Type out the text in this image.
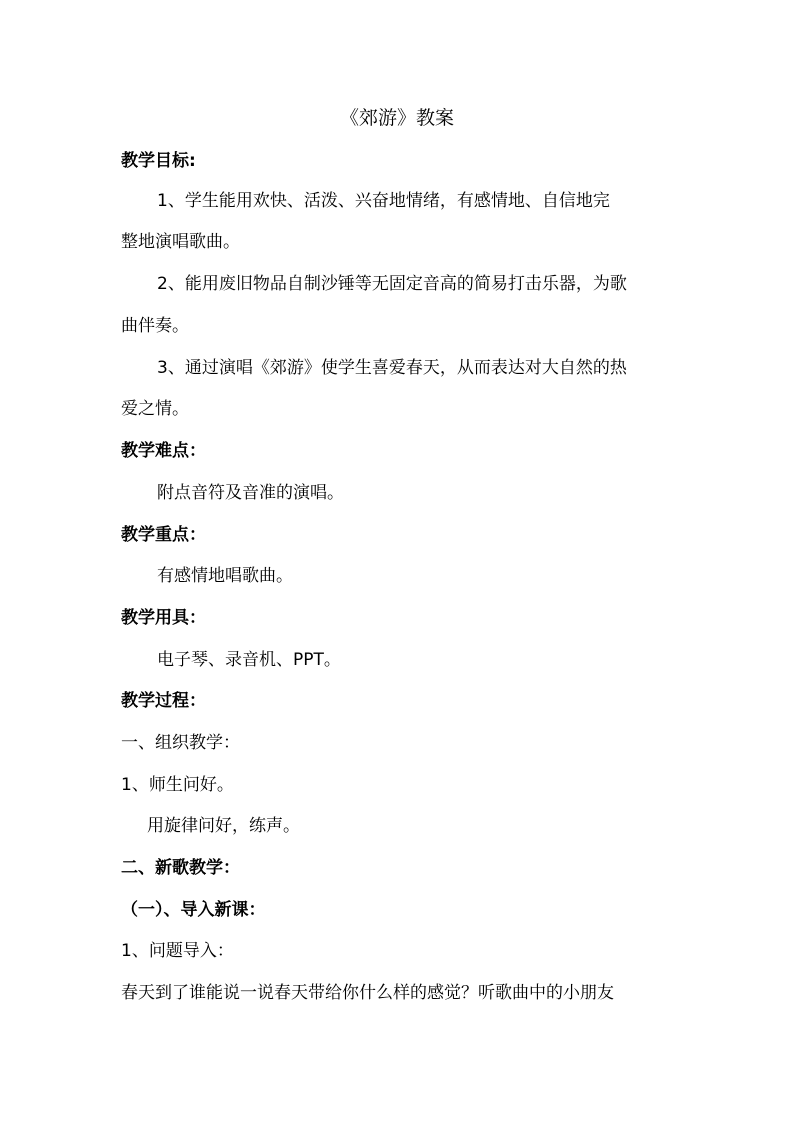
《郊游》教案
教学目标:
1、学生能用欢快、活泼、兴奋地情绪，有感情地、自信地完
整地演唱歌曲。
2、能用废旧物品自制沙锤等无固定音高的简易打击乐器，为歌
曲伴奏。
3、通过演唱《郊游》使学生喜爱春天，从而表达对大自然的热
爱之情。
教学难点：
附点音符及音准的演唱。
教学重点：
有感情地唱歌曲。
教学用具：
电子琴、录音机、PPT。
教学过程：
一、组织教学：
1、师生问好。
用旋律问好，练声。
二、新歌教学：
（一）、导入新课：
1、问题导入：
春天到了谁能说一说春天带给你什么样的感觉？听歌曲中的小朋友
